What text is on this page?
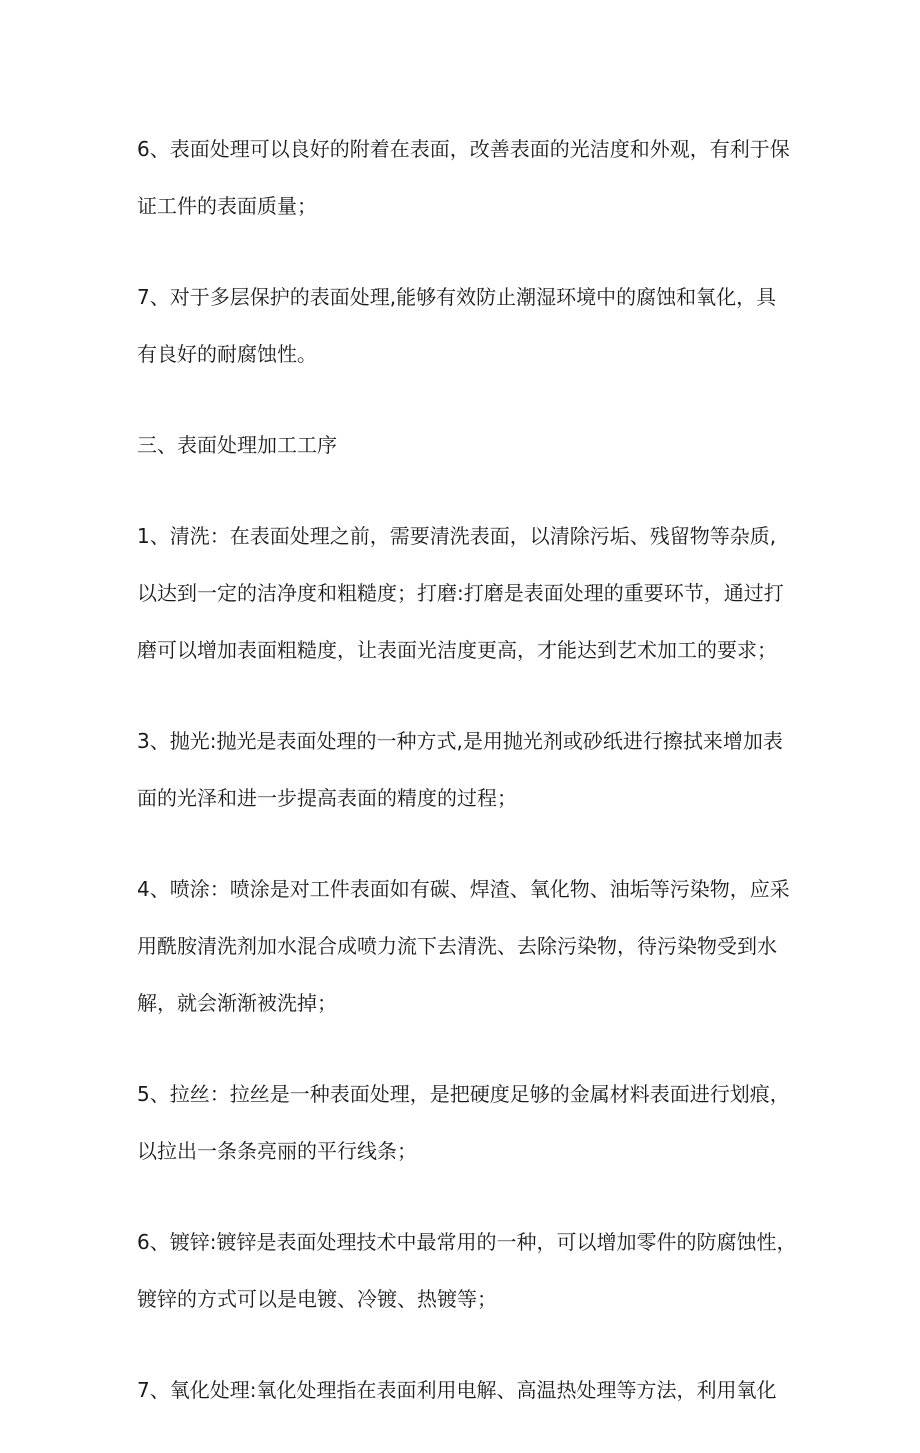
6、表面处理可以良好的附着在表面，改善表面的光洁度和外观，有利于保
证工件的表面质量；

7、对于多层保护的表面处理,能够有效防止潮湿环境中的腐蚀和氧化，具
有良好的耐腐蚀性。

三、表面处理加工工序

1、清洗：在表面处理之前，需要清洗表面，以清除污垢、残留物等杂质,
以达到一定的洁净度和粗糙度；打磨:打磨是表面处理的重要环节，通过打
磨可以增加表面粗糙度，让表面光洁度更高，才能达到艺术加工的要求；

3、抛光:抛光是表面处理的一种方式,是用抛光剂或砂纸进行擦拭来增加表
面的光泽和进一步提高表面的精度的过程；

4、喷涂：喷涂是对工件表面如有碳、焊渣、氧化物、油垢等污染物，应采
用酰胺清洗剂加水混合成喷力流下去清洗、去除污染物，待污染物受到水
解，就会渐渐被洗掉；

5、拉丝：拉丝是一种表面处理，是把硬度足够的金属材料表面进行划痕，
以拉出一条条亮丽的平行线条；

6、镀锌:镀锌是表面处理技术中最常用的一种，可以增加零件的防腐蚀性，
镀锌的方式可以是电镀、冷镀、热镀等；

7、氧化处理:氧化处理指在表面利用电解、高温热处理等方法，利用氧化
